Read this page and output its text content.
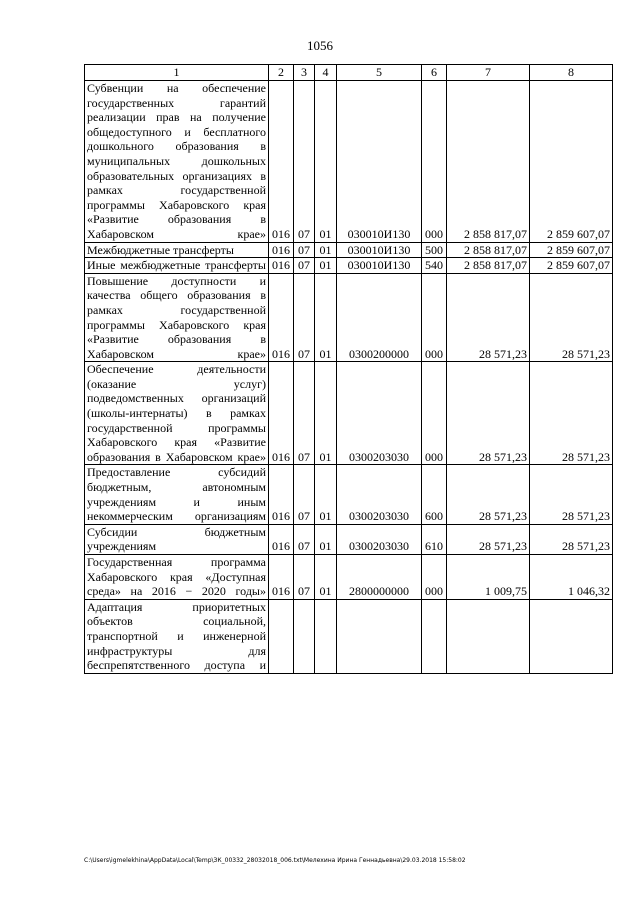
1056
1	2	3	4	5	6	7	8
Субвенции на обеспечение государственных гарантий реализации прав на получение общедоступного и бесплатного дошкольного образования в муниципальных дошкольных образовательных организациях в рамках государственной программы Хабаровского края «Развитие образования в Хабаровском крае»	016	07	01	030010И130	000	2 858 817,07	2 859 607,07
Межбюджетные трансферты	016	07	01	030010И130	500	2 858 817,07	2 859 607,07
Иные межбюджетные трансферты	016	07	01	030010И130	540	2 858 817,07	2 859 607,07
Повышение доступности и качества общего образования в рамках государственной программы Хабаровского края «Развитие образования в Хабаровском крае»	016	07	01	0300200000	000	28 571,23	28 571,23
Обеспечение деятельности (оказание услуг) подведомственных организаций (школы-интернаты) в рамках государственной программы Хабаровского края «Развитие образования в Хабаровском крае»	016	07	01	0300203030	000	28 571,23	28 571,23
Предоставление субсидий бюджетным, автономным учреждениям и иным некоммерческим организациям	016	07	01	0300203030	600	28 571,23	28 571,23
Субсидии бюджетным учреждениям	016	07	01	0300203030	610	28 571,23	28 571,23
Государственная программа Хабаровского края «Доступная среда» на 2016 − 2020 годы»	016	07	01	2800000000	000	1 009,75	1 046,32
Адаптация приоритетных объектов социальной, транспортной и инженерной инфраструктуры для беспрепятственного доступа и							
C:\Users\igmelekhina\AppData\Local\Temp\ЗК_00332_28032018_006.txt\Мелехина Ирина Геннадьевна\29.03.2018 15:58:02
